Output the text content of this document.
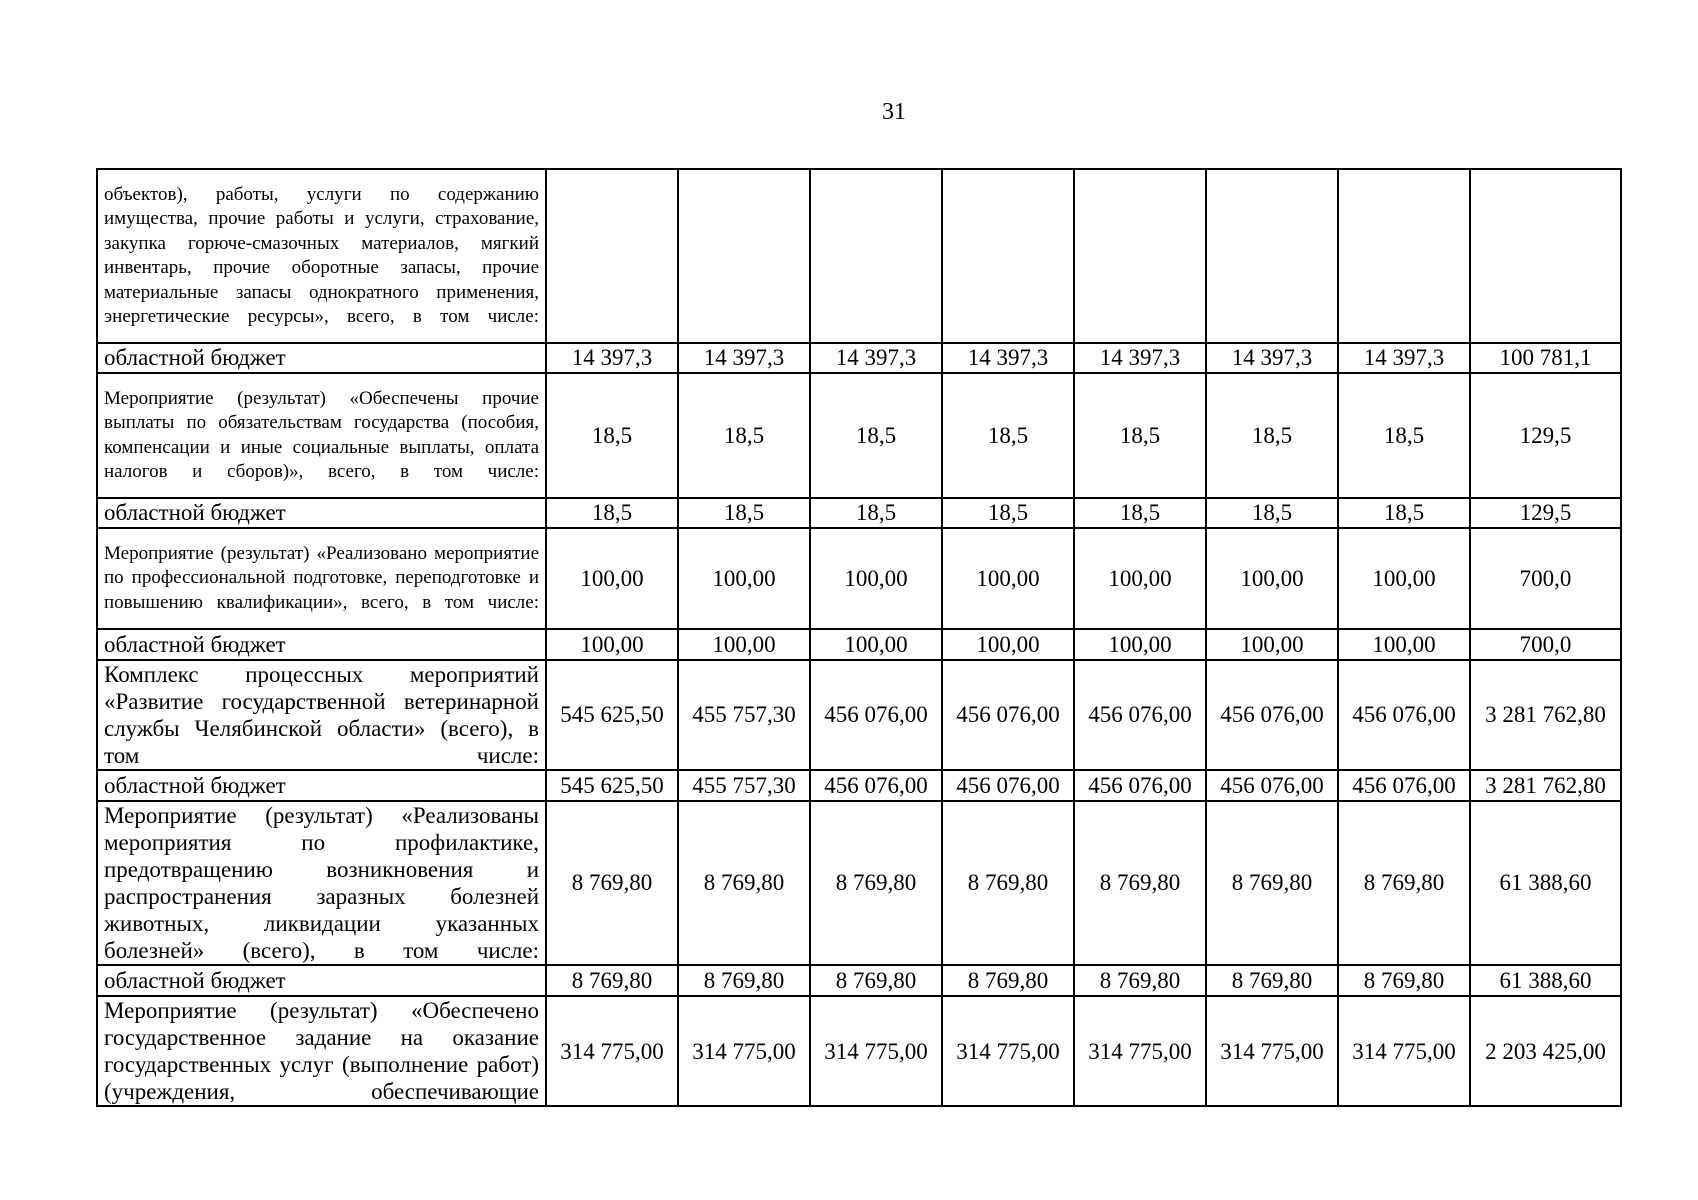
31
объектов), работы, услуги по содержанию имущества, прочие работы и услуги, страхование, закупка горюче-смазочных материалов, мягкий инвентарь, прочие оборотные запасы, прочие материальные запасы однократного применения, энергетические ресурсы», всего, в том числе:								
областной бюджет	14 397,3	14 397,3	14 397,3	14 397,3	14 397,3	14 397,3	14 397,3	100 781,1
Мероприятие (результат) «Обеспечены прочие выплаты по обязательствам государства (пособия, компенсации и иные социальные выплаты, оплата налогов и сборов)», всего, в том числе:	18,5	18,5	18,5	18,5	18,5	18,5	18,5	129,5
областной бюджет	18,5	18,5	18,5	18,5	18,5	18,5	18,5	129,5
Мероприятие (результат) «Реализовано мероприятие по профессиональной подготовке, переподготовке и повышению квалификации», всего, в том числе:	100,00	100,00	100,00	100,00	100,00	100,00	100,00	700,0
областной бюджет	100,00	100,00	100,00	100,00	100,00	100,00	100,00	700,0
Комплекс процессных мероприятий «Развитие государственной ветеринарной службы Челябинской области» (всего), в том числе:	545 625,50	455 757,30	456 076,00	456 076,00	456 076,00	456 076,00	456 076,00	3 281 762,80
областной бюджет	545 625,50	455 757,30	456 076,00	456 076,00	456 076,00	456 076,00	456 076,00	3 281 762,80
Мероприятие (результат) «Реализованы мероприятия по профилактике, предотвращению возникновения и распространения заразных болезней животных, ликвидации указанных болезней» (всего), в том числе:	8 769,80	8 769,80	8 769,80	8 769,80	8 769,80	8 769,80	8 769,80	61 388,60
областной бюджет	8 769,80	8 769,80	8 769,80	8 769,80	8 769,80	8 769,80	8 769,80	61 388,60
Мероприятие (результат) «Обеспечено государственное задание на оказание государственных услуг (выполнение работ) (учреждения, обеспечивающие	314 775,00	314 775,00	314 775,00	314 775,00	314 775,00	314 775,00	314 775,00	2 203 425,00
